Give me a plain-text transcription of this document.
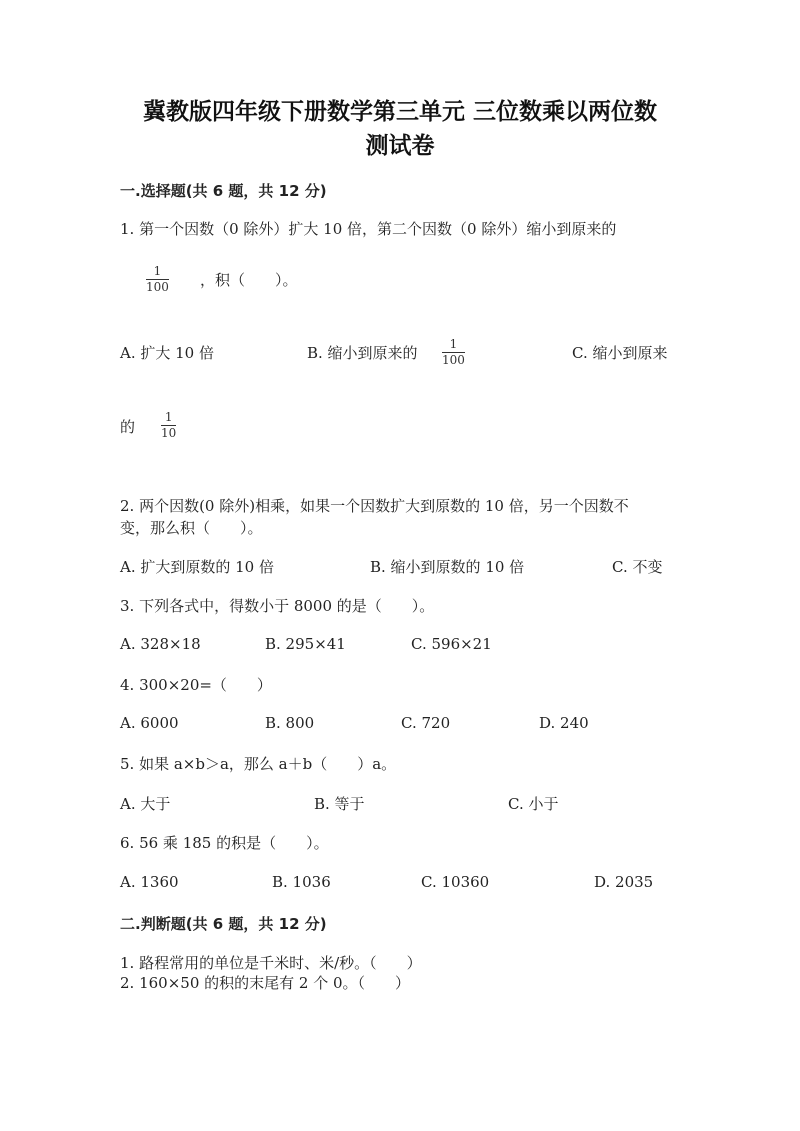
冀教版四年级下册数学第三单元 三位数乘以两位数
测试卷
一.选择题(共 6 题，共 12 分)
1. 第一个因数（0 除外）扩大 10 倍，第二个因数（0 除外）缩小到原来的
1
100 ，积（　　）。
A. 扩大 10 倍	B. 缩小到原来的	1
100	C. 缩小到原来
的
1
10
2. 两个因数(0 除外)相乘，如果一个因数扩大到原数的 10 倍，另一个因数不
变，那么积（　　）。
A. 扩大到原数的 10 倍	B. 缩小到原数的 10 倍	C. 不变
3. 下列各式中，得数小于 8000 的是（　　）。
A. 328×18	B. 295×41	C. 596×21
4. 300×20=（　　）
A. 6000	B. 800	C. 720	D. 240
5. 如果 a×b＞a，那么 a＋b（　　）a。
A. 大于	B. 等于	C. 小于
6. 56 乘 185 的积是（　　）。
A. 1360	B. 1036	C. 10360	D. 2035
二.判断题(共 6 题，共 12 分)
1. 路程常用的单位是千米时、米/秒。（　　）
2. 160×50 的积的末尾有 2 个 0。（　　）
